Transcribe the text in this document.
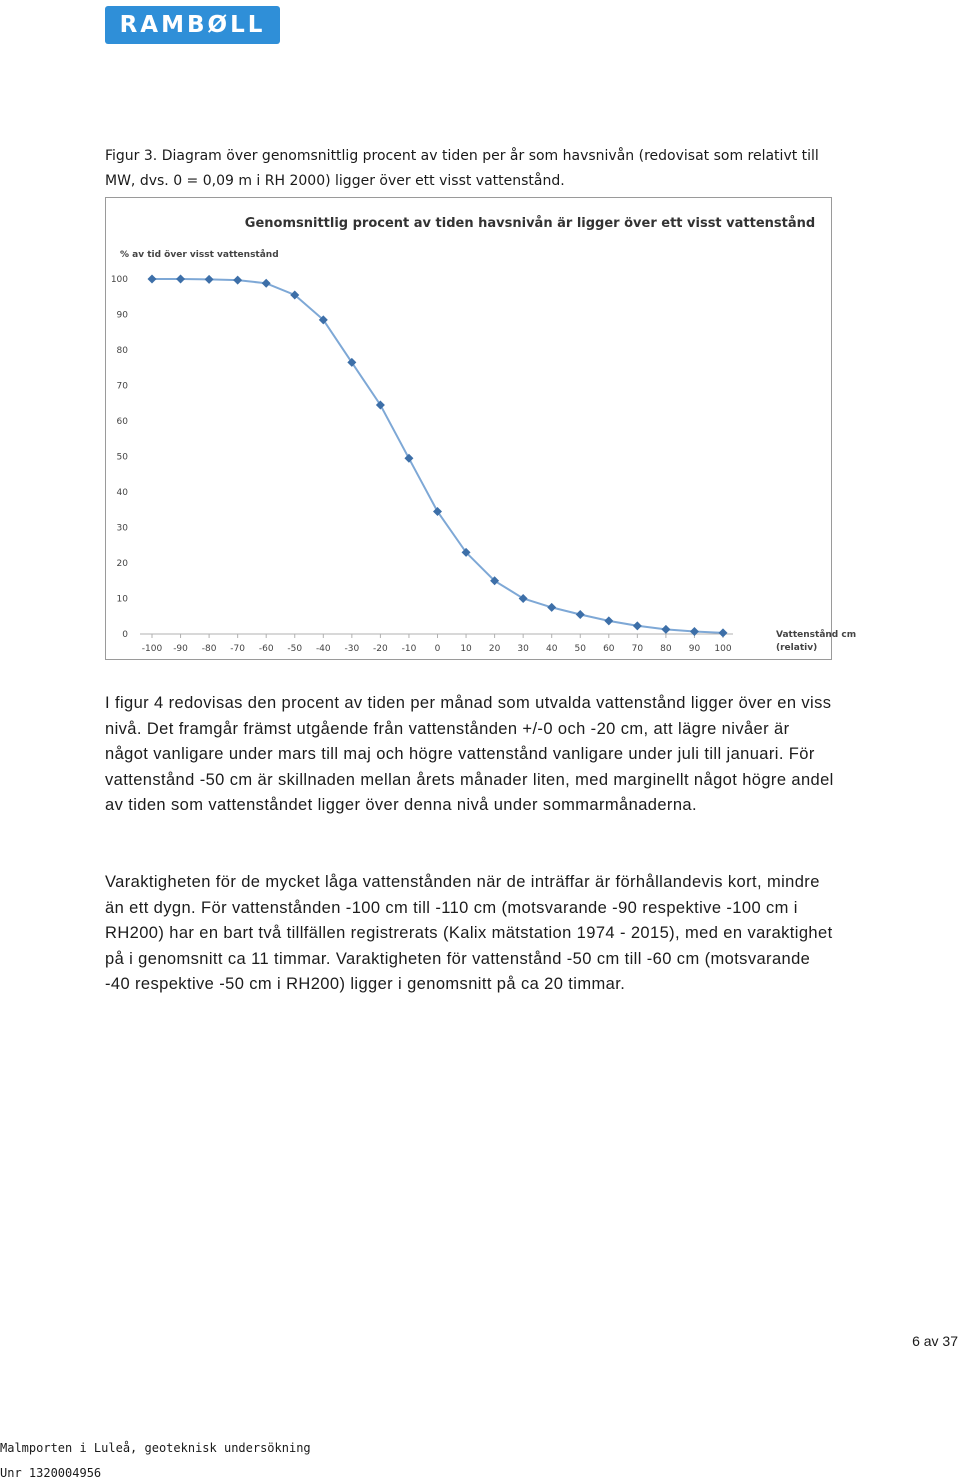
RAMBØLL
Figur 3. Diagram över genomsnittlig procent av tiden per år som havsnivån (redovisat som relativt till MW, dvs. 0 = 0,09 m i RH 2000) ligger över ett visst vattenstånd.
Genomsnittlig procent av tiden havsnivån är ligger över ett visst vattenstånd
% av tid över visst vattenstånd
Vattenstånd cm
(relativ)
0
10
20
30
40
50
60
70
80
90
100
-100 -90 -80 -70 -60 -50 -40 -30 -20 -10 0 10 20 30 40 50 60 70 80 90 100

I figur 4 redovisas den procent av tiden per månad som utvalda vattenstånd ligger över en viss nivå. Det framgår främst utgående från vattenstånden +/-0 och -20 cm, att lägre nivåer är något vanligare under mars till maj och högre vattenstånd vanligare under juli till januari. För vattenstånd -50 cm är skillnaden mellan årets månader liten, med marginellt något högre andel av tiden som vattenståndet ligger över denna nivå under sommarmånaderna.

Varaktigheten för de mycket låga vattenstånden när de inträffar är förhållandevis kort, mindre än ett dygn. För vattenstånden -100 cm till -110 cm (motsvarande -90 respektive -100 cm i RH200) har en bart två tillfällen registrerats (Kalix mätstation 1974 - 2015), med en varaktighet på i genomsnitt ca 11 timmar. Varaktigheten för vattenstånd -50 cm till -60 cm (motsvarande -40 respektive -50 cm i RH200) ligger i genomsnitt på ca 20 timmar.

6 av 37
Malmporten i Luleå, geoteknisk undersökning
Unr 1320004956
